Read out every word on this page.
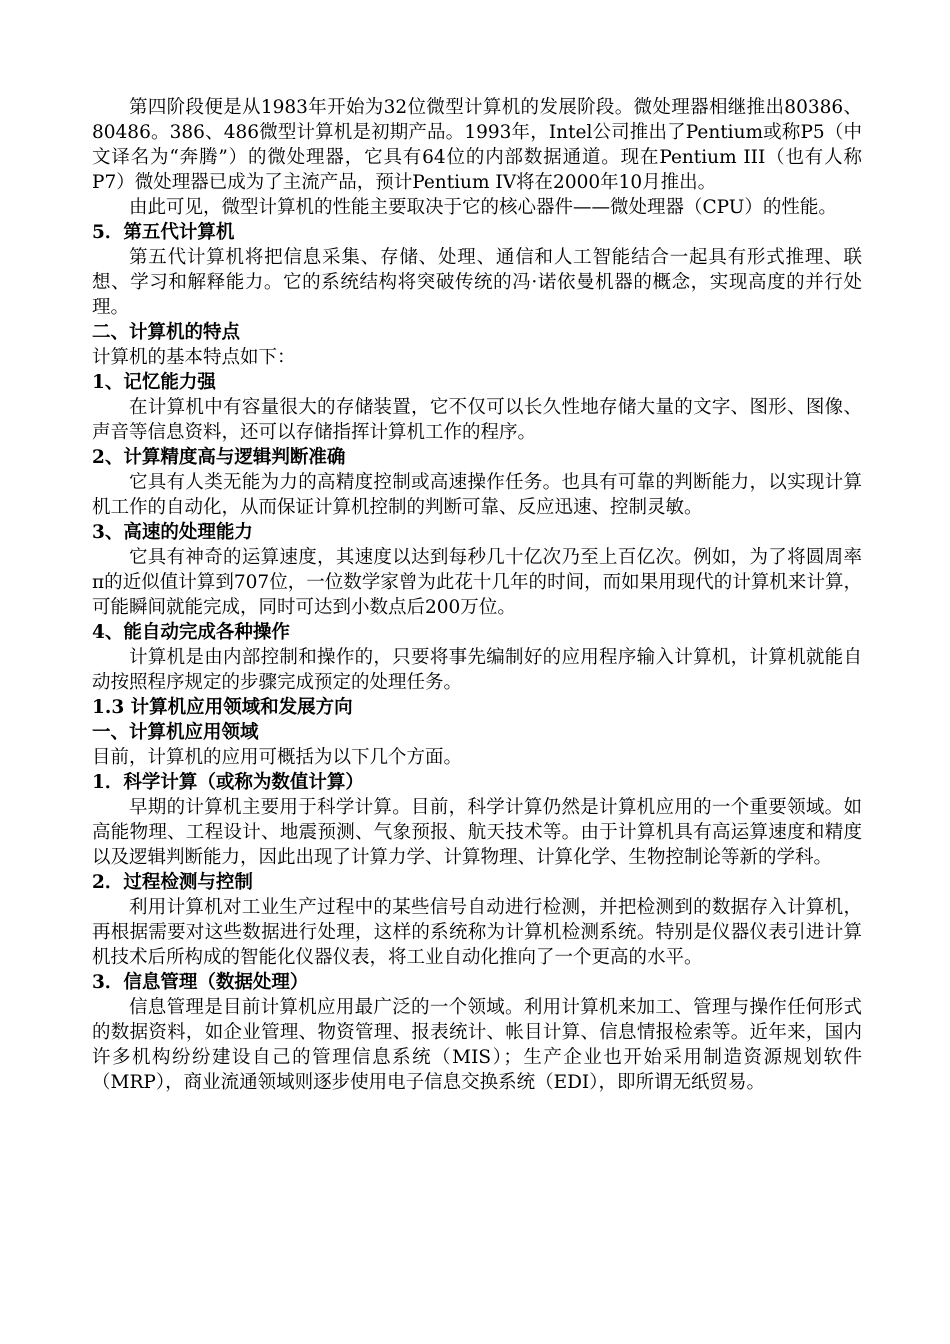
第四阶段便是从1983年开始为32位微型计算机的发展阶段。微处理器相继推出80386、80486。386、486微型计算机是初期产品。1993年，Intel公司推出了Pentium或称P5（中文译名为“奔腾”）的微处理器，它具有64位的内部数据通道。现在Pentium III（也有人称P7）微处理器已成为了主流产品，预计Pentium IV将在2000年10月推出。

由此可见，微型计算机的性能主要取决于它的核心器件——微处理器（CPU）的性能。

5．第五代计算机

第五代计算机将把信息采集、存储、处理、通信和人工智能结合一起具有形式推理、联想、学习和解释能力。它的系统结构将突破传统的冯·诺依曼机器的概念，实现高度的并行处理。

二、计算机的特点

计算机的基本特点如下：

1、记忆能力强

在计算机中有容量很大的存储装置，它不仅可以长久性地存储大量的文字、图形、图像、声音等信息资料，还可以存储指挥计算机工作的程序。

2、计算精度高与逻辑判断准确

它具有人类无能为力的高精度控制或高速操作任务。也具有可靠的判断能力，以实现计算机工作的自动化，从而保证计算机控制的判断可靠、反应迅速、控制灵敏。

3、高速的处理能力

它具有神奇的运算速度，其速度以达到每秒几十亿次乃至上百亿次。例如，为了将圆周率π的近似值计算到707位，一位数学家曾为此花十几年的时间，而如果用现代的计算机来计算，可能瞬间就能完成，同时可达到小数点后200万位。

4、能自动完成各种操作

计算机是由内部控制和操作的，只要将事先编制好的应用程序输入计算机，计算机就能自动按照程序规定的步骤完成预定的处理任务。

1.3 计算机应用领域和发展方向

一、计算机应用领域

目前，计算机的应用可概括为以下几个方面。

1．科学计算（或称为数值计算）

早期的计算机主要用于科学计算。目前，科学计算仍然是计算机应用的一个重要领域。如高能物理、工程设计、地震预测、气象预报、航天技术等。由于计算机具有高运算速度和精度以及逻辑判断能力，因此出现了计算力学、计算物理、计算化学、生物控制论等新的学科。

2．过程检测与控制

利用计算机对工业生产过程中的某些信号自动进行检测，并把检测到的数据存入计算机，再根据需要对这些数据进行处理，这样的系统称为计算机检测系统。特别是仪器仪表引进计算机技术后所构成的智能化仪器仪表，将工业自动化推向了一个更高的水平。

3．信息管理（数据处理）

信息管理是目前计算机应用最广泛的一个领域。利用计算机来加工、管理与操作任何形式的数据资料，如企业管理、物资管理、报表统计、帐目计算、信息情报检索等。近年来，国内许多机构纷纷建设自己的管理信息系统（MIS）；生产企业也开始采用制造资源规划软件（MRP），商业流通领域则逐步使用电子信息交换系统（EDI），即所谓无纸贸易。
